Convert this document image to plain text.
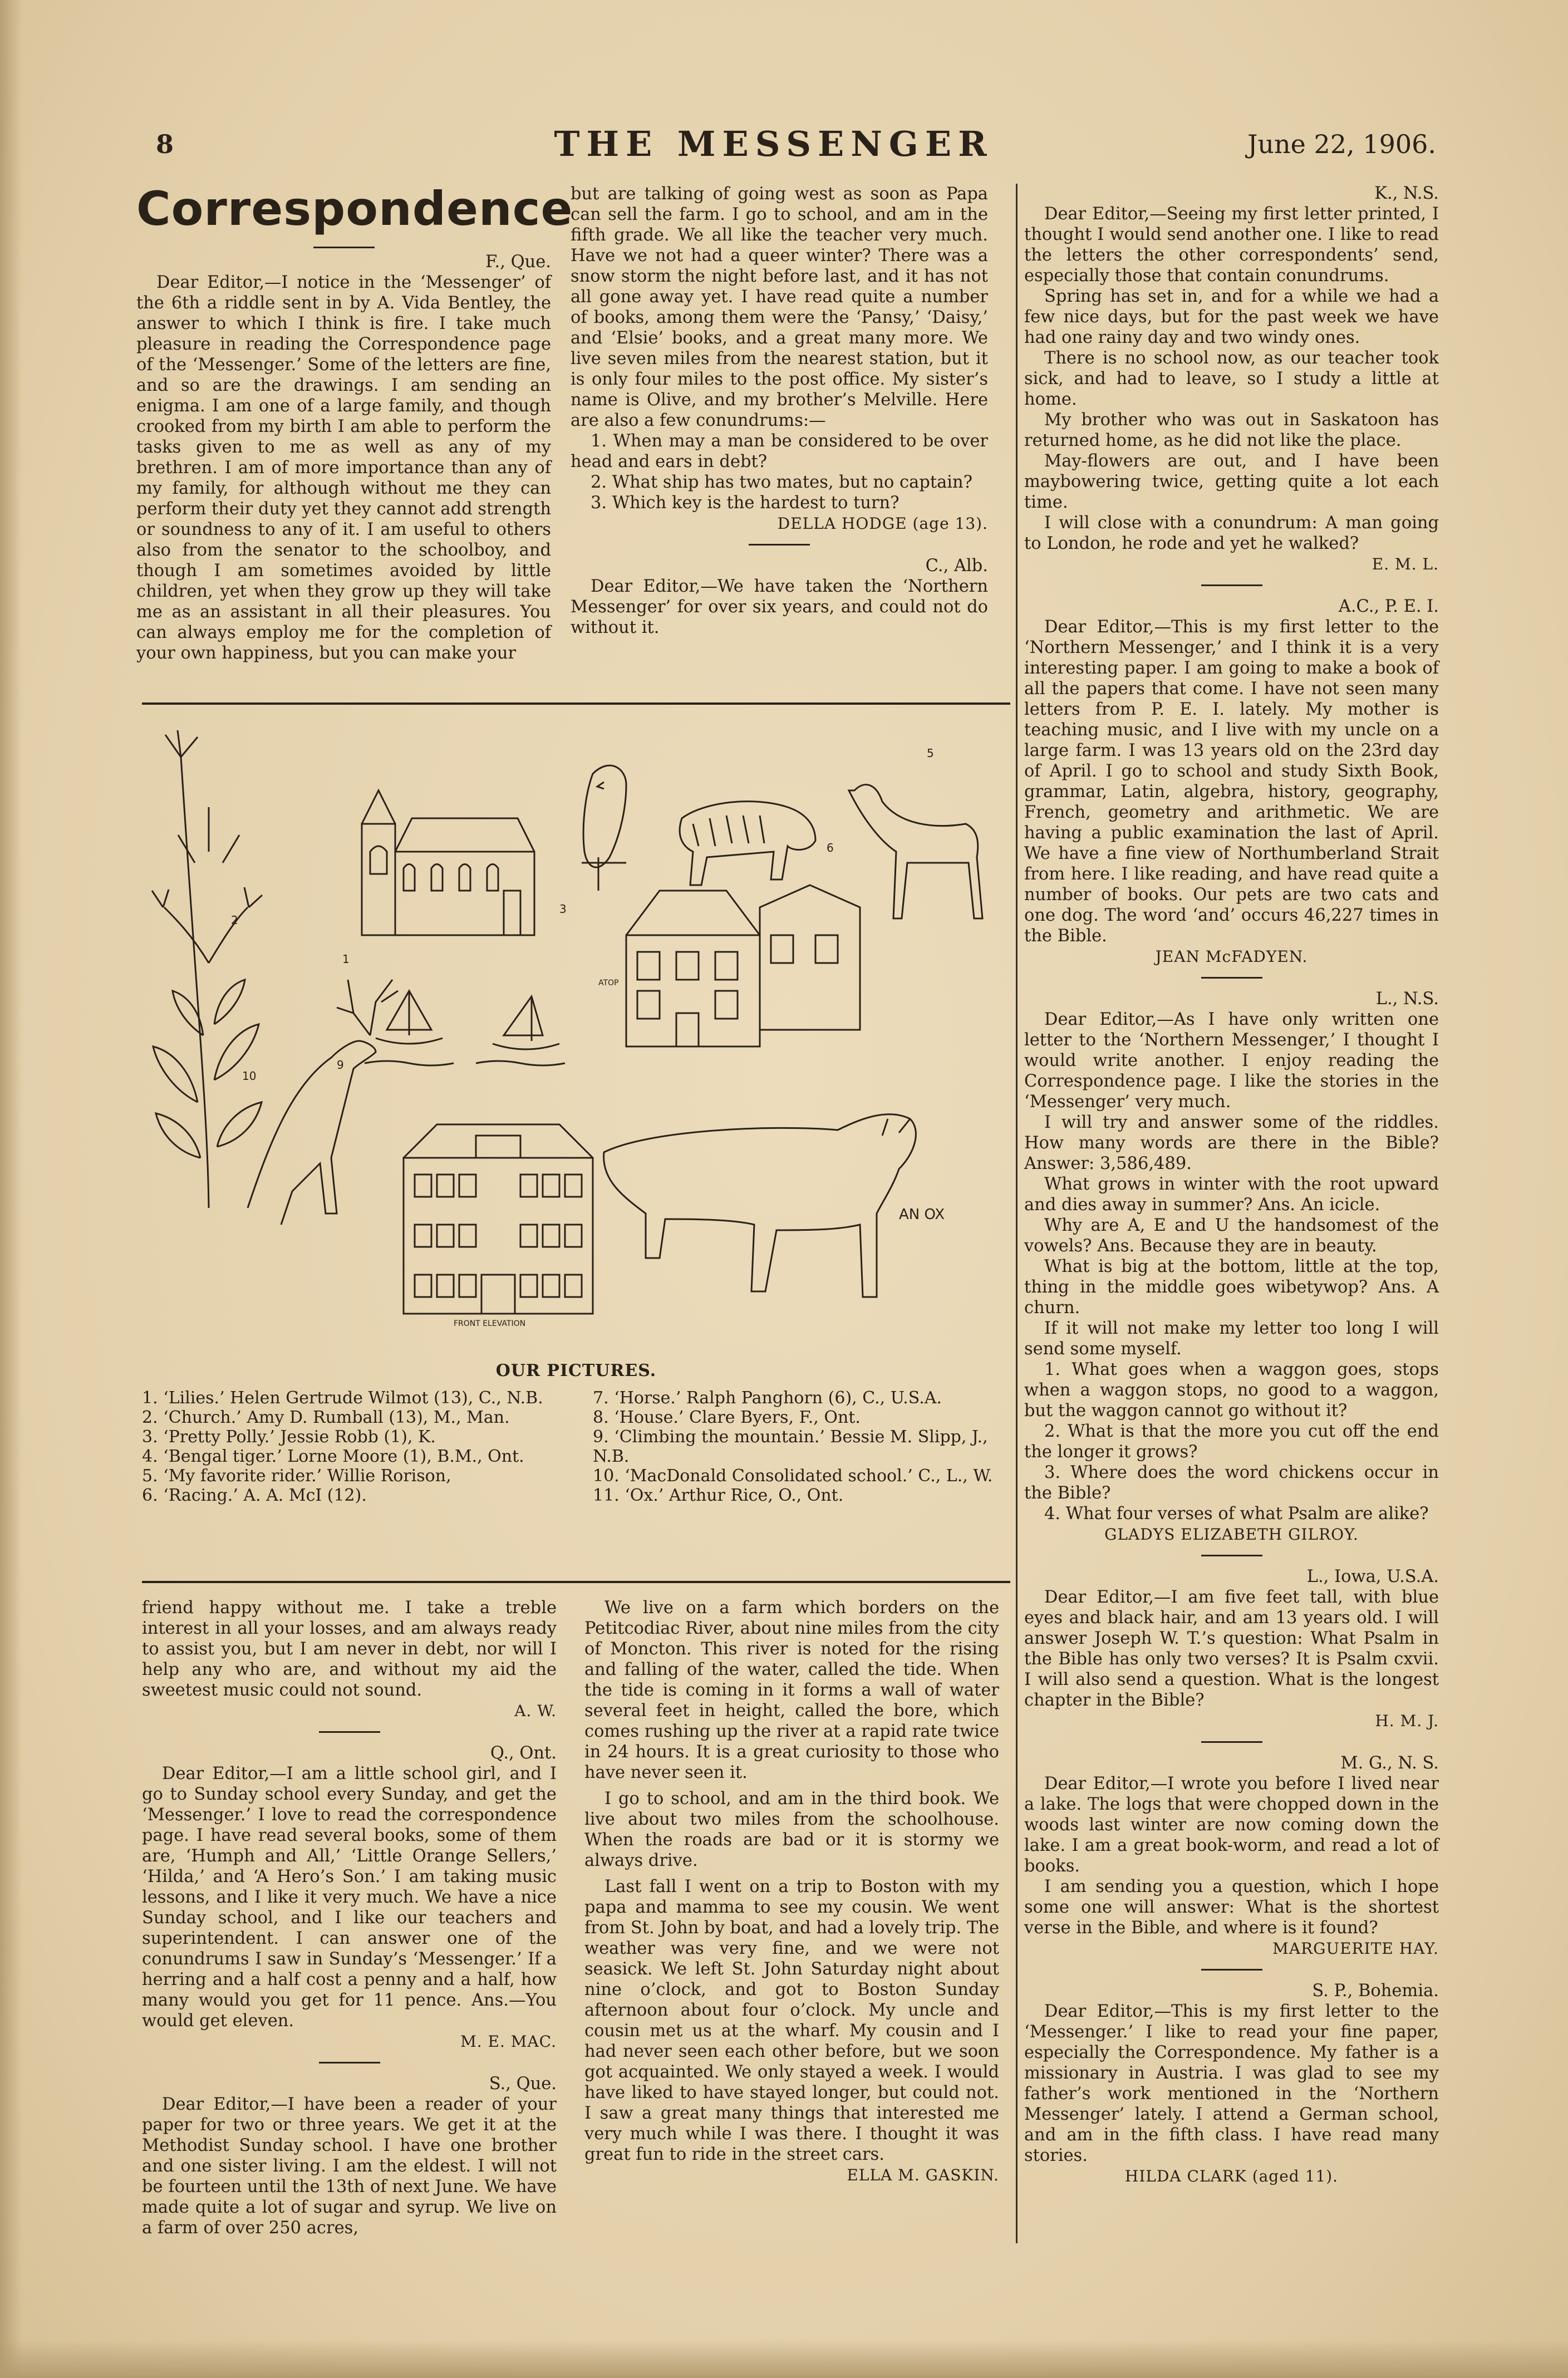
8	THE MESSENGER	June 22, 1906.
Correspondence

F., Que.

Dear Editor,—I notice in the ‘Messenger’ of the 6th a riddle sent in by A. Vida Bentley, the answer to which I think is fire. I take much pleasure in reading the Correspondence page of the ‘Messenger.’ Some of the letters are fine, and so are the drawings. I am sending an enigma. I am one of a large family, and though crooked from my birth I am able to perform the tasks given to me as well as any of my brethren. I am of more importance than any of my family, for although without me they can perform their duty yet they cannot add strength or soundness to any of it. I am useful to others also from the senator to the schoolboy, and though I am sometimes avoided by little children, yet when they grow up they will take me as an assistant in all their pleasures. You can always employ me for the completion of your own happiness, but you can make your

but are talking of going west as soon as Papa can sell the farm. I go to school, and am in the fifth grade. We all like the teacher very much. Have we not had a queer winter? There was a snow storm the night before last, and it has not all gone away yet. I have read quite a number of books, among them were the ‘Pansy,’ ‘Daisy,’ and ‘Elsie’ books, and a great many more. We live seven miles from the nearest station, but it is only four miles to the post office. My sister’s name is Olive, and my brother’s Melville. Here are also a few conundrums:—

1. When may a man be considered to be over head and ears in debt?

2. What ship has two mates, but no captain?

3. Which key is the hardest to turn?

DELLA HODGE (age 13).

C., Alb.

Dear Editor,—We have taken the ‘Northern Messenger’ for over six years, and could not do without it.

2
1
3
5
6
9
10
AN OX
FRONT ELEVATION
ATOP
OUR PICTURES.

1. ‘Lilies.’ Helen Gertrude Wilmot (13), C., N.B.

2. ‘Church.’ Amy D. Rumball (13), M., Man.

3. ‘Pretty Polly.’ Jessie Robb (1), K.

4. ‘Bengal tiger.’ Lorne Moore (1), B.M., Ont.

5. ‘My favorite rider.’ Willie Rorison,

6. ‘Racing.’ A. A. McI (12).

7. ‘Horse.’ Ralph Panghorn (6), C., U.S.A.

8. ‘House.’ Clare Byers, F., Ont.

9. ‘Climbing the mountain.’ Bessie M. Slipp, J., N.B.

10. ‘MacDonald Consolidated school.’ C., L., W.

11. ‘Ox.’ Arthur Rice, O., Ont.

friend happy without me. I take a treble interest in all your losses, and am always ready to assist you, but I am never in debt, nor will I help any who are, and without my aid the sweetest music could not sound.

A. W.

Q., Ont.

Dear Editor,—I am a little school girl, and I go to Sunday school every Sunday, and get the ‘Messenger.’ I love to read the correspondence page. I have read several books, some of them are, ‘Humph and All,’ ‘Little Orange Sellers,’ ‘Hilda,’ and ‘A Hero’s Son.’ I am taking music lessons, and I like it very much. We have a nice Sunday school, and I like our teachers and superintendent. I can answer one of the conundrums I saw in Sunday’s ‘Messenger.’ If a herring and a half cost a penny and a half, how many would you get for 11 pence. Ans.—You would get eleven.

M. E. MAC.

S., Que.

Dear Editor,—I have been a reader of your paper for two or three years. We get it at the Methodist Sunday school. I have one brother and one sister living. I am the eldest. I will not be fourteen until the 13th of next June. We have made quite a lot of sugar and syrup. We live on a farm of over 250 acres,

We live on a farm which borders on the Petitcodiac River, about nine miles from the city of Moncton. This river is noted for the rising and falling of the water, called the tide. When the tide is coming in it forms a wall of water several feet in height, called the bore, which comes rushing up the river at a rapid rate twice in 24 hours. It is a great curiosity to those who have never seen it.

I go to school, and am in the third book. We live about two miles from the schoolhouse. When the roads are bad or it is stormy we always drive.

Last fall I went on a trip to Boston with my papa and mamma to see my cousin. We went from St. John by boat, and had a lovely trip. The weather was very fine, and we were not seasick. We left St. John Saturday night about nine o’clock, and got to Boston Sunday afternoon about four o’clock. My uncle and cousin met us at the wharf. My cousin and I had never seen each other before, but we soon got acquainted. We only stayed a week. I would have liked to have stayed longer, but could not. I saw a great many things that interested me very much while I was there. I thought it was great fun to ride in the street cars.

ELLA M. GASKIN.

K., N.S.

Dear Editor,—Seeing my first letter printed, I thought I would send another one. I like to read the letters the other correspondents’ send, especially those that contain conundrums.

Spring has set in, and for a while we had a few nice days, but for the past week we have had one rainy day and two windy ones.

There is no school now, as our teacher took sick, and had to leave, so I study a little at home.

My brother who was out in Saskatoon has returned home, as he did not like the place.

May-flowers are out, and I have been maybowering twice, getting quite a lot each time.

I will close with a conundrum: A man going to London, he rode and yet he walked?

E. M. L.

A.C., P. E. I.

Dear Editor,—This is my first letter to the ‘Northern Messenger,’ and I think it is a very interesting paper. I am going to make a book of all the papers that come. I have not seen many letters from P. E. I. lately. My mother is teaching music, and I live with my uncle on a large farm. I was 13 years old on the 23rd day of April. I go to school and study Sixth Book, grammar, Latin, algebra, history, geography, French, geometry and arithmetic. We are having a public examination the last of April. We have a fine view of Northumberland Strait from here. I like reading, and have read quite a number of books. Our pets are two cats and one dog. The word ‘and’ occurs 46,227 times in the Bible.

JEAN McFADYEN.

L., N.S.

Dear Editor,—As I have only written one letter to the ‘Northern Messenger,’ I thought I would write another. I enjoy reading the Correspondence page. I like the stories in the ‘Messenger’ very much.

I will try and answer some of the riddles. How many words are there in the Bible? Answer: 3,586,489.

What grows in winter with the root upward and dies away in summer? Ans. An icicle.

Why are A, E and U the handsomest of the vowels? Ans. Because they are in beauty.

What is big at the bottom, little at the top, thing in the middle goes wibetywop? Ans. A churn.

If it will not make my letter too long I will send some myself.

1. What goes when a waggon goes, stops when a waggon stops, no good to a waggon, but the waggon cannot go without it?

2. What is that the more you cut off the end the longer it grows?

3. Where does the word chickens occur in the Bible?

4. What four verses of what Psalm are alike?

GLADYS ELIZABETH GILROY.

L., Iowa, U.S.A.

Dear Editor,—I am five feet tall, with blue eyes and black hair, and am 13 years old. I will answer Joseph W. T.’s question: What Psalm in the Bible has only two verses? It is Psalm cxvii. I will also send a question. What is the longest chapter in the Bible?

H. M. J.

M. G., N. S.

Dear Editor,—I wrote you before I lived near a lake. The logs that were chopped down in the woods last winter are now coming down the lake. I am a great book-worm, and read a lot of books.

I am sending you a question, which I hope some one will answer: What is the shortest verse in the Bible, and where is it found?

MARGUERITE HAY.

S. P., Bohemia.

Dear Editor,—This is my first letter to the ‘Messenger.’ I like to read your fine paper, especially the Correspondence. My father is a missionary in Austria. I was glad to see my father’s work mentioned in the ‘Northern Messenger’ lately. I attend a German school, and am in the fifth class. I have read many stories.

HILDA CLARK (aged 11).
